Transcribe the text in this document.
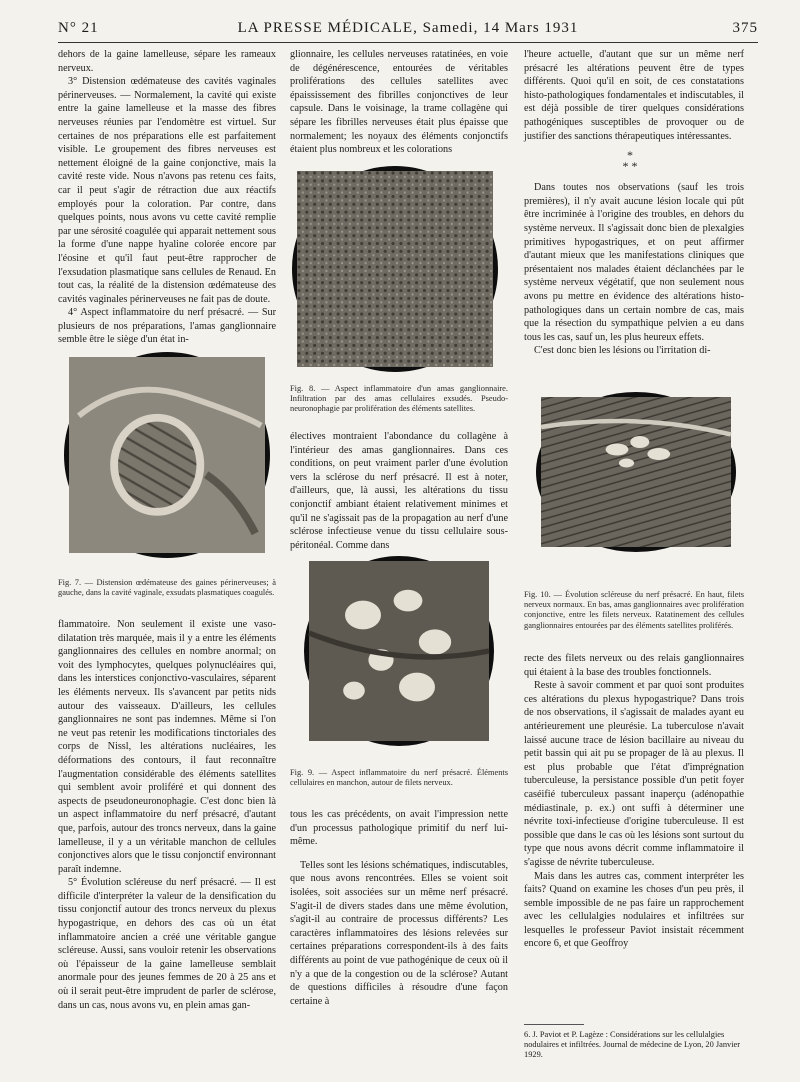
N° 21	LA PRESSE MÉDICALE, Samedi, 14 Mars 1931	375

dehors de la gaine lamelleuse, sépare les rameaux nerveux.

3° Distension œdémateuse des cavités vaginales périnerveuses. — Normalement, la cavité qui existe entre la gaine lamelleuse et la masse des fibres nerveuses réunies par l'endomètre est virtuel. Sur certaines de nos préparations elle est parfaitement visible. Le groupement des fibres nerveuses est nettement éloigné de la gaine conjonctive, mais la cavité reste vide. Nous n'avons pas retenu ces faits, car il peut s'agir de rétraction due aux réactifs employés pour la coloration. Par contre, dans quelques points, nous avons vu cette cavité remplie par une sérosité coagulée qui apparait nettement sous la forme d'une nappe hyaline colorée encore par l'éosine et qu'il faut peut-être rapprocher de l'exsudation plasmatique sans cellules de Renaud. En tout cas, la réalité de la distension œdémateuse des cavités vaginales périnerveuses ne fait pas de doute.

4° Aspect inflammatoire du nerf présacré. — Sur plusieurs de nos préparations, l'amas ganglionnaire semble être le siège d'un état in-

Fig. 7. — Distension œdémateuse des gaines périnerveuses; à gauche, dans la cavité vaginale, exsudats plasmatiques coagulés.

flammatoire. Non seulement il existe une vaso-dilatation très marquée, mais il y a entre les éléments ganglionnaires des cellules en nombre anormal; on voit des lymphocytes, quelques polynucléaires qui, dans les interstices conjonctivo-vasculaires, séparent les éléments nerveux. Ils s'avancent par petits nids autour des vaisseaux. D'ailleurs, les cellules ganglionnaires ne sont pas indemnes. Même si l'on ne veut pas retenir les modifications tinctoriales des corps de Nissl, les altérations nucléaires, les déformations des contours, il faut reconnaître l'augmentation considérable des éléments satellites qui semblent avoir proliféré et qui donnent des aspects de pseudoneuronophagie. C'est donc bien là un aspect inflammatoire du nerf présacré, d'autant que, parfois, autour des troncs nerveux, dans la gaine lamelleuse, il y a un véritable manchon de cellules conjonctives alors que le tissu conjonctif environnant paraît indemne.

5° Évolution scléreuse du nerf présacré. — Il est difficile d'interpréter la valeur de la densification du tissu conjonctif autour des troncs nerveux du plexus hypogastrique, en dehors des cas où un état inflammatoire ancien a créé une véritable gangue scléreuse. Aussi, sans vouloir retenir les observations où l'épaisseur de la gaine lamelleuse semblait anormale pour des jeunes femmes de 20 à 25 ans et où il serait peut-être imprudent de parler de sclérose, dans un cas, nous avons vu, en plein amas gan-

glionnaire, les cellules nerveuses ratatinées, en voie de dégénérescence, entourées de véritables proliférations des cellules satellites avec épaississement des fibrilles conjonctives de leur capsule. Dans le voisinage, la trame collagène qui sépare les fibrilles nerveuses était plus épaisse que normalement; les noyaux des éléments conjonctifs étaient plus nombreux et les colorations

Fig. 8. — Aspect inflammatoire d'un amas ganglionnaire. Infiltration par des amas cellulaires exsudés. Pseudo-neuronophagie par prolifération des éléments satellites.

électives montraient l'abondance du collagène à l'intérieur des amas ganglionnaires. Dans ces conditions, on peut vraiment parler d'une évolution vers la sclérose du nerf présacré. Il est à noter, d'ailleurs, que, là aussi, les altérations du tissu conjonctif ambiant étaient relativement minimes et qu'il ne s'agissait pas de la propagation au nerf d'une sclérose infectieuse venue du tissu cellulaire sous-péritonéal. Comme dans

Fig. 9. — Aspect inflammatoire du nerf présacré. Éléments cellulaires en manchon, autour de filets nerveux.

tous les cas précédents, on avait l'impression nette d'un processus pathologique primitif du nerf lui-même.

Telles sont les lésions schématiques, indiscutables, que nous avons rencontrées. Elles se voient soit isolées, soit associées sur un même nerf présacré. S'agit-il de divers stades dans une même évolution, s'agit-il au contraire de processus différents? Les caractères inflammatoires des lésions relevées sur certaines préparations correspondent-ils à des faits différents au point de vue pathogénique de ceux où il n'y a que de la congestion ou de la sclérose? Autant de questions difficiles à résoudre d'une façon certaine à

l'heure actuelle, d'autant que sur un même nerf présacré les altérations peuvent être de types différents. Quoi qu'il en soit, de ces constatations histo-pathologiques fondamentales et indiscutables, il est déjà possible de tirer quelques considérations pathogéniques susceptibles de provoquer ou de justifier des sanctions thérapeutiques intéressantes.

Dans toutes nos observations (sauf les trois premières), il n'y avait aucune lésion locale qui pût être incriminée à l'origine des troubles, en dehors du système nerveux. Il s'agissait donc bien de plexalgies primitives hypogastriques, et on peut affirmer d'autant mieux que les manifestations cliniques que présentaient nos malades étaient déclanchées par le système nerveux végétatif, que non seulement nous avons pu mettre en évidence des altérations histo-pathologiques dans un certain nombre de cas, mais que la résection du sympathique pelvien a eu dans tous les cas, sauf un, les plus heureux effets.

C'est donc bien les lésions ou l'irritation di-

*
* *
Fig. 10. — Évolution scléreuse du nerf présacré. En haut, filets nerveux normaux. En bas, amas ganglionnaires avec prolifération conjonctive, entre les filets nerveux. Ratatinement des cellules ganglionnaires entourées par des éléments satellites proliférés.

recte des filets nerveux ou des relais ganglionnaires qui étaient à la base des troubles fonctionnels.

Reste à savoir comment et par quoi sont produites ces altérations du plexus hypogastrique? Dans trois de nos observations, il s'agissait de malades ayant eu antérieurement une pleurésie. La tuberculose n'avait laissé aucune trace de lésion bacillaire au niveau du petit bassin qui ait pu se propager de là au plexus. Il est plus probable que l'état d'imprégnation tuberculeuse, la persistance possible d'un petit foyer caséifié tuberculeux passant inaperçu (adénopathie médiastinale, p. ex.) ont suffi à déterminer une névrite toxi-infectieuse d'origine tuberculeuse. Il est possible que dans le cas où les lésions sont surtout du type que nous avons décrit comme inflammatoire il s'agisse de névrite tuberculeuse.

Mais dans les autres cas, comment interpréter les faits? Quand on examine les choses d'un peu près, il semble impossible de ne pas faire un rapprochement avec les cellulalgies nodulaires et infiltrées sur lesquelles le professeur Paviot insistait récemment encore 6, et que Geoffroy

6. J. Paviot et P. Lagèze : Considérations sur les cellulalgies nodulaires et infiltrées. Journal de médecine de Lyon, 20 Janvier 1929.
